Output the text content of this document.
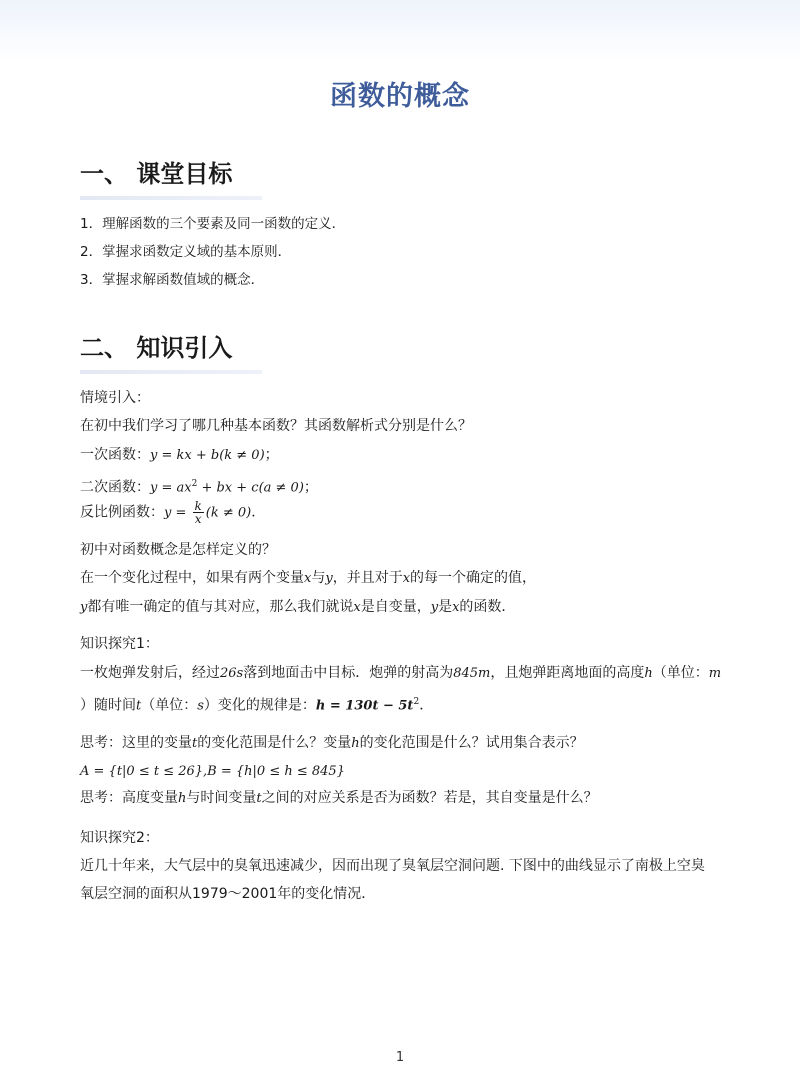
函数的概念
一、 课堂目标
1．理解函数的三个要素及同一函数的定义．
2．掌握求函数定义域的基本原则．
3．掌握求解函数值域的概念．
二、 知识引入
情境引入：
在初中我们学习了哪几种基本函数？其函数解析式分别是什么？
一次函数：y = kx + b(k ≠ 0)；
二次函数：$y = ax^2$ + bx + c(a ≠ 0)；
反比例函数：$y = \frac{k}{x} (k \ne 0)$．
初中对函数概念是怎样定义的？
在一个变化过程中，如果有两个变量x与y，并且对于x的每一个确定的值，
y都有唯一确定的值与其对应，那么我们就说x是自变量，y是x的函数．
知识探究1：
一枚炮弹发射后，经过26s落到地面击中目标．炮弹的射高为845m，且炮弹距离地面的高度h（单位：m
）随时间t（单位：s）变化的规律是：$h = 130t - 5t^2$．
思考：这里的变量t的变化范围是什么？变量h的变化范围是什么？试用集合表示？
A = {t|0 ≤ t ≤ 26},B = {h|0 ≤ h ≤ 845}
思考：高度变量h与时间变量t之间的对应关系是否为函数？若是，其自变量是什么？
知识探究2：
近几十年来，大气层中的臭氧迅速减少，因而出现了臭氧层空洞问题. 下图中的曲线显示了南极上空臭
氧层空洞的面积从1979～2001年的变化情况．
1
